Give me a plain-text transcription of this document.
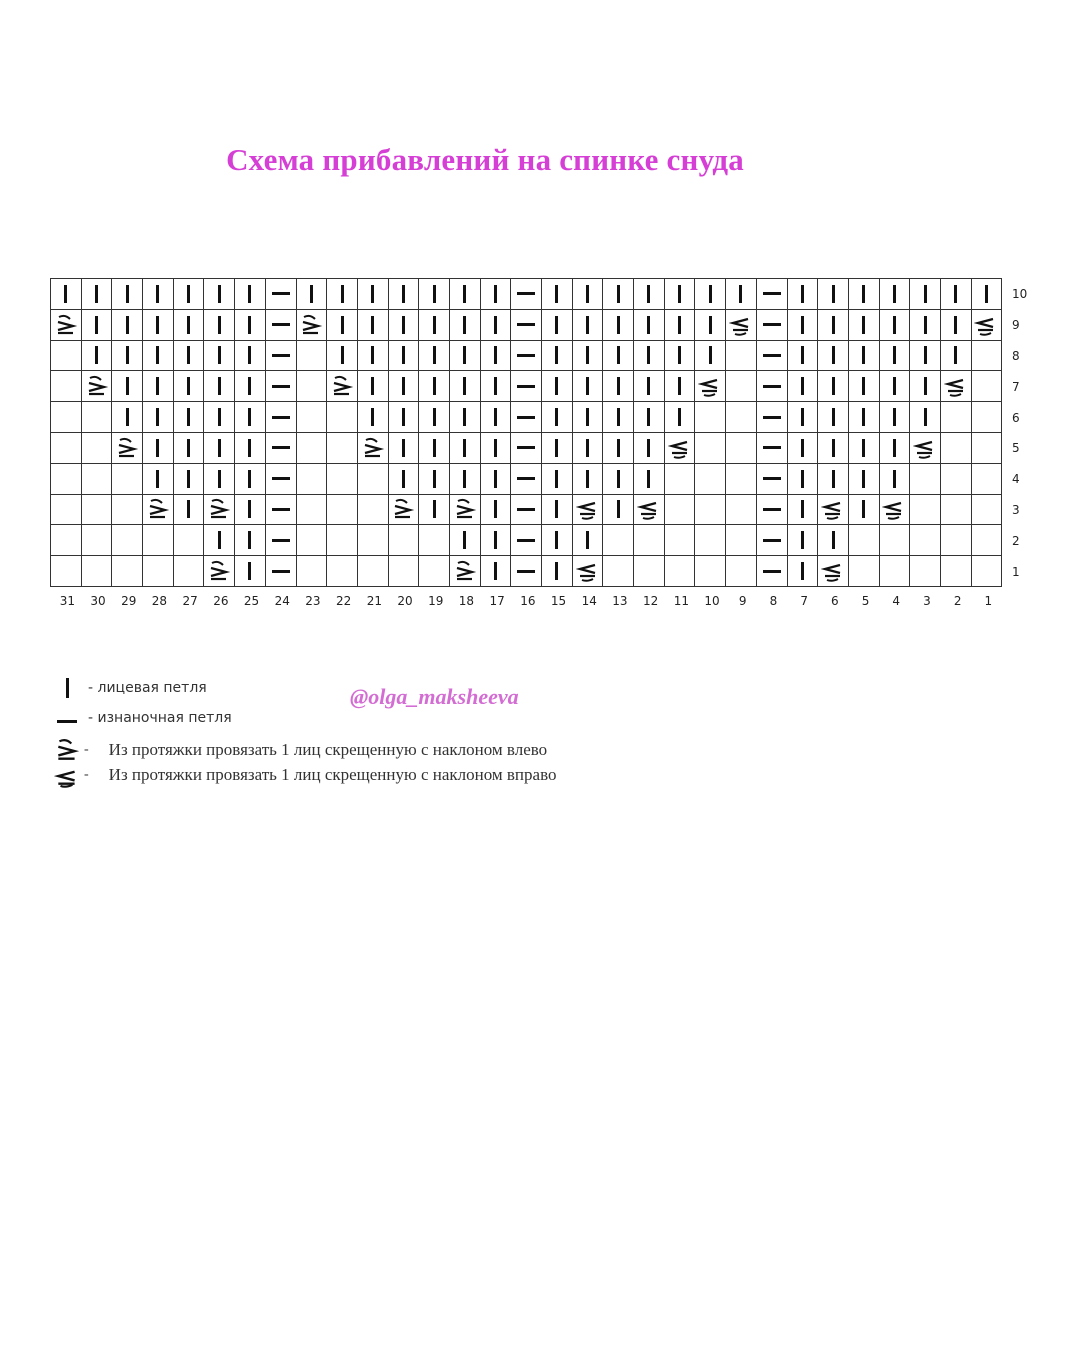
Схема прибавлений на спинке снуда
10
9
8
7
6
5
4
3
2
1
31 30 29 28 27 26 25 24 23 22 21 20 19 18 17 16 15 14 13 12 11 10 9 8 7 6 5 4 3 2 1
@olga_maksheeva
- лицевая петля
- изнаночная петля
- Из протяжки провязать 1 лиц скрещенную с наклоном влево
- Из протяжки провязать 1 лиц скрещенную с наклоном вправо
